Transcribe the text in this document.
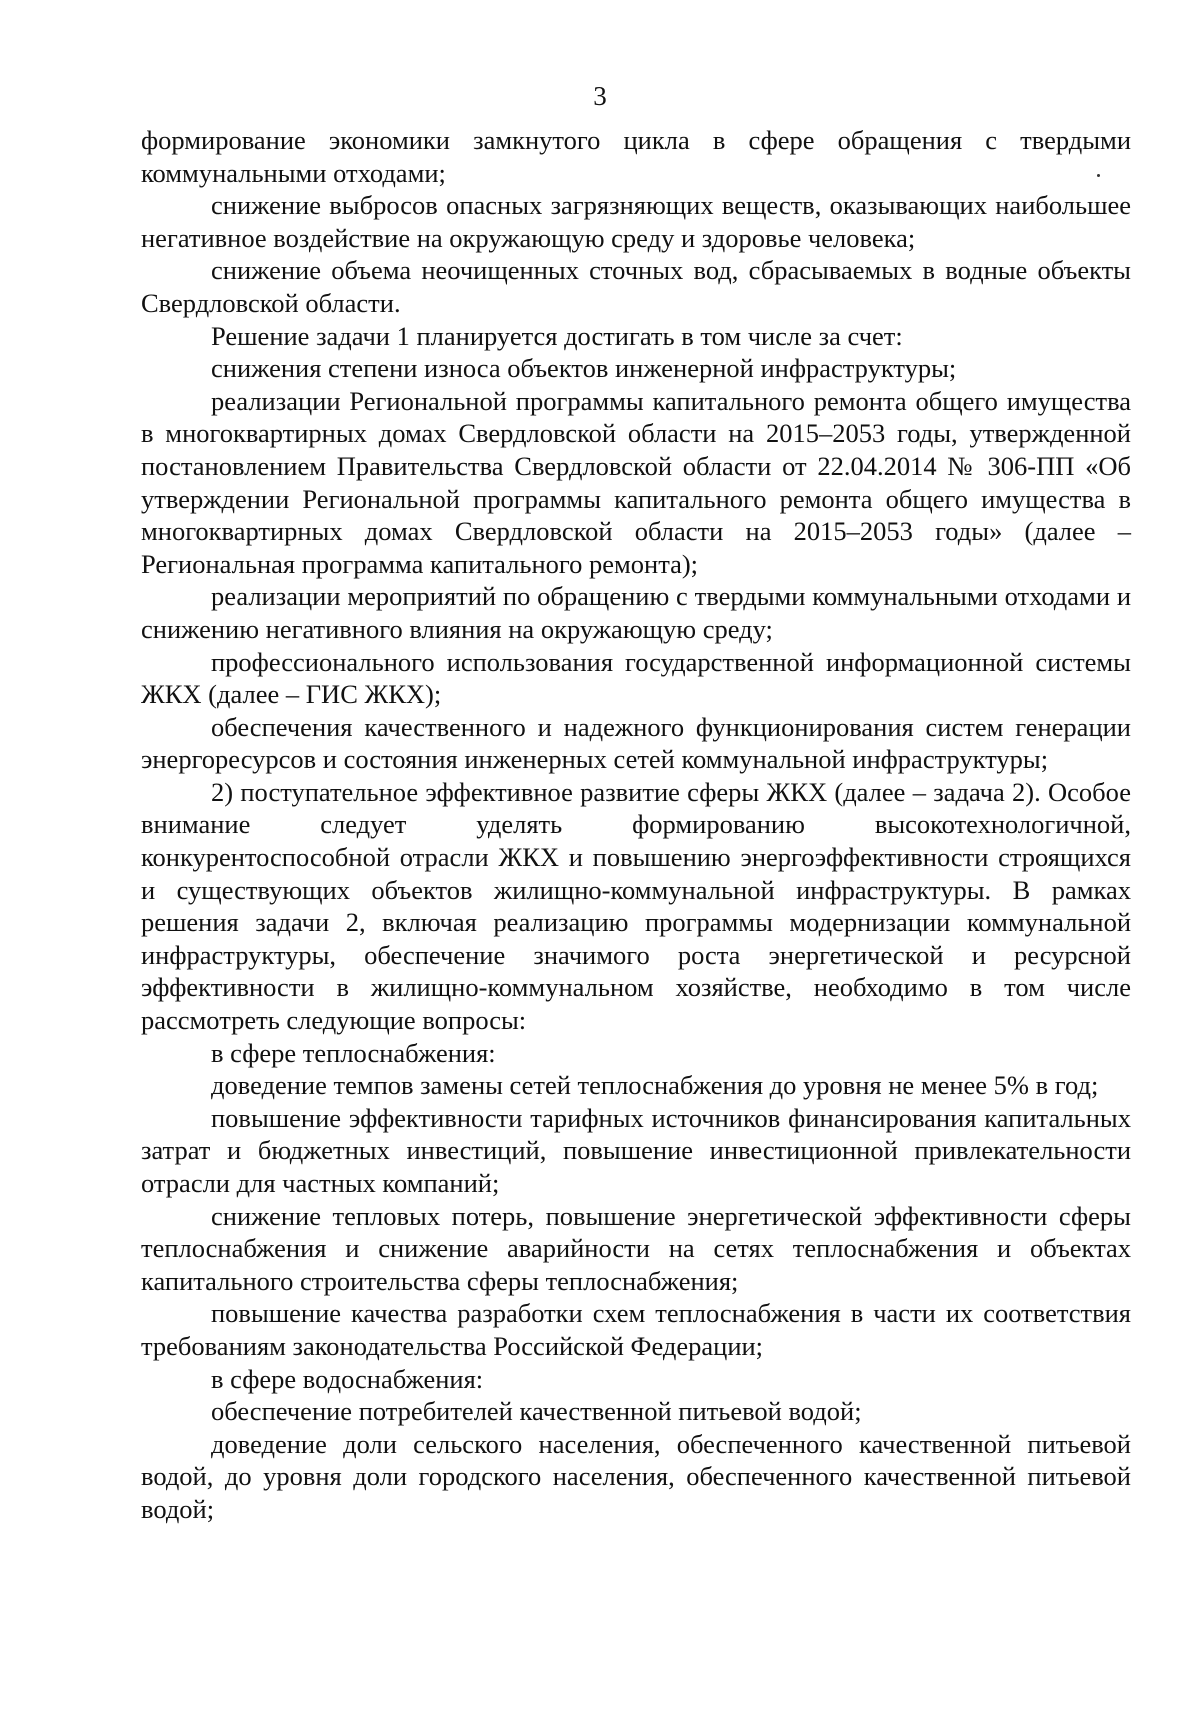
3

формирование экономики замкнутого цикла в сфере обращения с твердыми коммунальными отходами;

снижение выбросов опасных загрязняющих веществ, оказывающих наибольшее негативное воздействие на окружающую среду и здоровье человека;

снижение объема неочищенных сточных вод, сбрасываемых в водные объекты Свердловской области.

Решение задачи 1 планируется достигать в том числе за счет:

снижения степени износа объектов инженерной инфраструктуры;

реализации Региональной программы капитального ремонта общего имущества в многоквартирных домах Свердловской области на 2015–2053 годы, утвержденной постановлением Правительства Свердловской области от 22.04.2014 № 306-ПП «Об утверждении Региональной программы капитального ремонта общего имущества в многоквартирных домах Свердловской области на 2015–2053 годы» (далее – Региональная программа капитального ремонта);

реализации мероприятий по обращению с твердыми коммунальными отходами и снижению негативного влияния на окружающую среду;

профессионального использования государственной информационной системы ЖКХ (далее – ГИС ЖКХ);

обеспечения качественного и надежного функционирования систем генерации энергоресурсов и состояния инженерных сетей коммунальной инфраструктуры;

2) поступательное эффективное развитие сферы ЖКХ (далее – задача 2). Особое внимание следует уделять формированию высокотехнологичной, конкурентоспособной отрасли ЖКХ и повышению энергоэффективности строящихся и существующих объектов жилищно-коммунальной инфраструктуры. В рамках решения задачи 2, включая реализацию программы модернизации коммунальной инфраструктуры, обеспечение значимого роста энергетической и ресурсной эффективности в жилищно-коммунальном хозяйстве, необходимо в том числе рассмотреть следующие вопросы:

в сфере теплоснабжения:

доведение темпов замены сетей теплоснабжения до уровня не менее 5% в год;

повышение эффективности тарифных источников финансирования капитальных затрат и бюджетных инвестиций, повышение инвестиционной привлекательности отрасли для частных компаний;

снижение тепловых потерь, повышение энергетической эффективности сферы теплоснабжения и снижение аварийности на сетях теплоснабжения и объектах капитального строительства сферы теплоснабжения;

повышение качества разработки схем теплоснабжения в части их соответствия требованиям законодательства Российской Федерации;

в сфере водоснабжения:

обеспечение потребителей качественной питьевой водой;

доведение доли сельского населения, обеспеченного качественной питьевой водой, до уровня доли городского населения, обеспеченного качественной питьевой водой;
